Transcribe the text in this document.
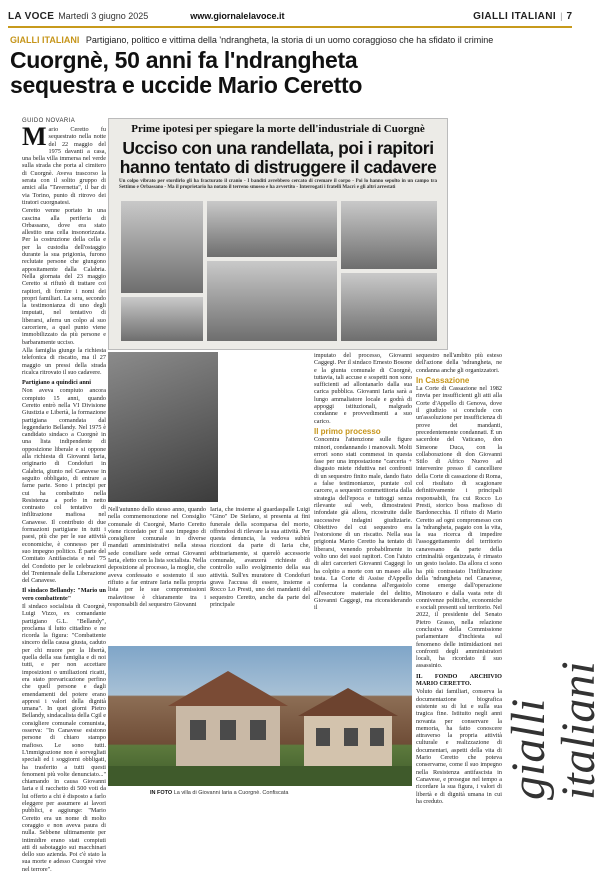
LA VOCE Martedì 3 giugno 2025	www.giornalelavoce.it	GIALLI ITALIANI | 7
GIALLI ITALIANI Partigiano, politico e vittima della 'ndrangheta, la storia di un uomo coraggioso che ha sfidato il crimine
Cuorgnè, 50 anni fa l'ndrangheta
sequestra e uccide Mario Ceretto
GUIDO NOVARIA

Mario Ceretto fu sequestrato nella notte del 22 maggio del 1975 davanti a casa, una bella villa immersa nel verde sulla strada che porta al cimitero di Cuorgnè. Aveva trascorso la serata con il solito gruppo di amici alla "Tavernetta", il bar di via Torino, punto di ritrovo dei tiratori cuorgnatesi.

Ceretto venne portato in una cascina alla periferia di Orbassano, dove era stato allestito una cella insonorizzata. Per la costruzione della cella e per la custodia dell'ostaggio durante la sua prigionia, furono reclutate persone che giungono appositamente dalla Calabria. Nella giornata del 23 maggio Ceretto si rifiutò di trattare coi rapitori, di fornire i nomi dei propri familiari. La sera, secondo la testimonianza di uno degli imputati, nel tentativo di liberarsi, aferra un colpo al suo carceriere, a quel punto viene immobilizzato da più persone e barbaramente ucciso.

Alla famiglia giunge la richiesta telefonica di riscatto, ma il 27 maggio un pressi della strada ricalca ritrovato il suo cadavere.

Partigiano a quindici anni

Non aveva compiuto ancora compiuto 15 anni, quando Ceretto entrò nella VI Divisione Giustizia e Libertà, la formazione partigiana comandata dal leggendario Bellandy. Nel 1975 è candidato sindaco a Cuorgnè in una lista indipendente di opposizione liberale e si oppone alla richiesta di Giovanni Iaria, originario di Condofuri in Calabria, giunto nel Canavese in seguito obbligato, di entrare a farne parte. Sono i principi per cui ha combattuto nella Resistenza a porlo in netto contrasto col tentativo di infiltrazione mafiosa nel Canavese. Il contributo di due formazioni partigiane in tutti i paesi, più che per le sue attività economiche, è connesso per il suo impegno politico. È parte del Comitato Antifascista e nel '75 del Condotto per le celebrazioni del Trentennale della Liberazione del Canavese.

Il sindaco Bellandy: "Mario un vero combattente"

Il sindaco socialista di Cuorgnè, Luigi Vizzo, ex comandante partigiano G.L. "Bellandy", proclama il lutto cittadino e ne ricorda la figura: "Combattente sincero della causa giusta, caduto per chi muore per la libertà, quella della sua famiglia e di noi tutti, e per non accettare imposizioni o umiliazioni ricatti, era stato prevaricazione perfino che quell persone e dagli emendamenti del potere erano appresi i valori della dignità umana". In quei giorni Pietro Bellandy, sindacalista della Cgil e consigliere comunale comunista, osserva: "In Canavese esistono persone di chiaro stampo mafioso. Le sono tutti. L'immigrazione non è sorvegliati speciali ed i soggiorni obbligati, ha trasferito a tutti questi fenomeni più volte denunciato..." chiamando in causa Giovanni Iaria e il racchetto di 500 voti da lui offerto a chi è disposto a farlo eleggere per assumere ai lavori pubblici, e aggiunge: "Mario Ceretto era un nome di molto coraggio e non aveva paura di nulla. Sebbene ultimamente per intimidire erano stati compiuti atti di sabotaggio sui macchinari dello suo azienda. Poi c'è stato la sua morte e adesso Cuorgnè vive nel terrore".

Prime ipotesi per spiegare la morte dell'industriale di Cuorgnè
Ucciso con una randellata, poi i rapitori
hanno tentato di distruggere il cadavere
Un colpo vibrato per stordirlo gli ha fracturato il cranio - I banditi avrebbero cercato di cremare il corpo - Poi lo hanno sepolto in un campo tra Settimo e Orbassano - Ma il proprietario ha notato il terreno smosso e ha avvertito - Interrogati i fratelli Macrì e gli altri arrestati

Nell'autunno dello stesso anno, quando nella commemorazione nel Consiglio comunale di Cuorgnè, Mario Ceretto viene ricordato per il suo impegno di consigliere comunale in diverse mandati amministrativi nella stessa sede consiliare sede ormai Giovanni Iaria, eletto con la lista socialista. Nella deposizione al processo, la moglie, che aveva confessato e sostenuto il suo rifiuto a far entrare Iaria nella propria lista per le sue compromissioni malavitose è chiaramente tra i responsabili del sequestro Giovanni

Iaria, che insieme al guardaspalle Luigi "Gino" De Stefano, si presenta ai fini funerale della scomparsa del morto, offrendosi di rilevare la sua attività. Per questa denuncia, la vedova subirà ricezioni da parte di Iaria che, arbitrariamente, si querelò accessorie comunale, avanzerà richieste di controllo sullo svolgimento della sua attività. Sull'ex muratore di Condofuri grava l'accusa di essere, insieme a Rocco Lo Presti, uno dei mandanti del sequestro Ceretto, anche da parte del principale

imputato del processo, Giovanni Caggegi. Per il sindaco Ernesto Bosone e la giunta comunale di Cuorgnè, tuttavia, tali accuse e sospetti non sono sufficienti ad allontanarlo dalla sua carica pubblica. Giovanni Iaria sarà a lungo ammaliatore locale e godrà di appoggi istituzionali, malgrado condanne e provvedimenti a suo carico.

Il primo processo

Concentra l'attenzione sulle figure minori, condannando i manovali. Molti errori sono stati commessi in questa fase per una impostazione "carceria + disgusto miete riduttiva nei confronti di un sequestro finito male, dando fiato a false testimonianze, puntate col carcere, a sequestri commettitoria dalla strategia dell'epoca e tuttoggi senza rilevante sul web, dimostratesi infondate già allora, ricostruite dalle successive indagini giudiziarie. Obiettivo del cui sequestro era l'estorsione di un riscatto. Nella sua prigionia Mario Ceretto ha tentato di liberarsi, venendo probabilmente in volto uno dei suoi rapitori. Con l'aiuto di altri carcerieri Giovanni Caggegi lo ha colpito a morte con un maseo alla testa. La Corte di Assise d'Appello conferma la condanna all'ergastolo all'esecutore materiale del delitto, Giovanni Caggegi, ma riconsiderando il

sequestro nell'ambito più esteso dell'azione della 'ndrangheta, ne condanna anche gli organizzatori.

In Cassazione

La Corte di Cassazione nel 1982 rinvia per insufficienti gli atti alla Corte d'Appello di Genova, dove il giudizio si conclude con un'assoluzione per insufficienza di prove dei mandanti, precedentemente condannati. È un sacerdote del Vaticano, don Simeone Duca, con la collaborazione di don Giovanni Stilo di Africo Nuovo ad intervenire presso il cancelliere della Corte di cassazione di Roma, col risultato di scagionare definitivamente i principali responsabili, fra cui Rocco Lo Presti, storico boss mafioso di Bardonecchia. Il rifiuto di Mario Ceretto ad ogni compromesso con la 'ndrangheta, pagato con la vita, la sua ricerca di impedire l'assoggettamento del territorio canavesano da parte della criminalità organizzata, è rimasto un gesto isolato. Da allora ci sono ha più contrastato l'infiltrazione della 'ndrangheta nel Canavese, come emerge dall'operazione Minotauro e dalla vasta rete di connivenze politiche, economiche e sociali presenti sul territorio. Nel 2022, il presidente del Senato Pietro Grasso, nella relazione conclusiva della Commissione parlamentare d'inchiesta sul fenomeno delle intimidazioni nei confronti degli amministratori locali, ha ricordato il suo assassinio.

IL FONDO ARCHIVIO MARIO CERETTO.

Voluto dai familiari, conserva la documentazione biografica esistente su di lui e sulla sua tragica fine. Istituito negli anni novanta per conservare la memoria, ha fatto conoscere attraverso la propria attività culturale e realizzazione di documentari, aspetti della vita di Mario Ceretto che poteva conservarne, come il suo impegno nella Resistenza antifascista in Canavese, e prosegue nel tempo a ricordare la sua figura, i valori di libertà e di dignità umana in cui ha creduto.

IN FOTO La villa di Giovanni Iaria a Cuorgnè. Confiscata	gialli italiani
